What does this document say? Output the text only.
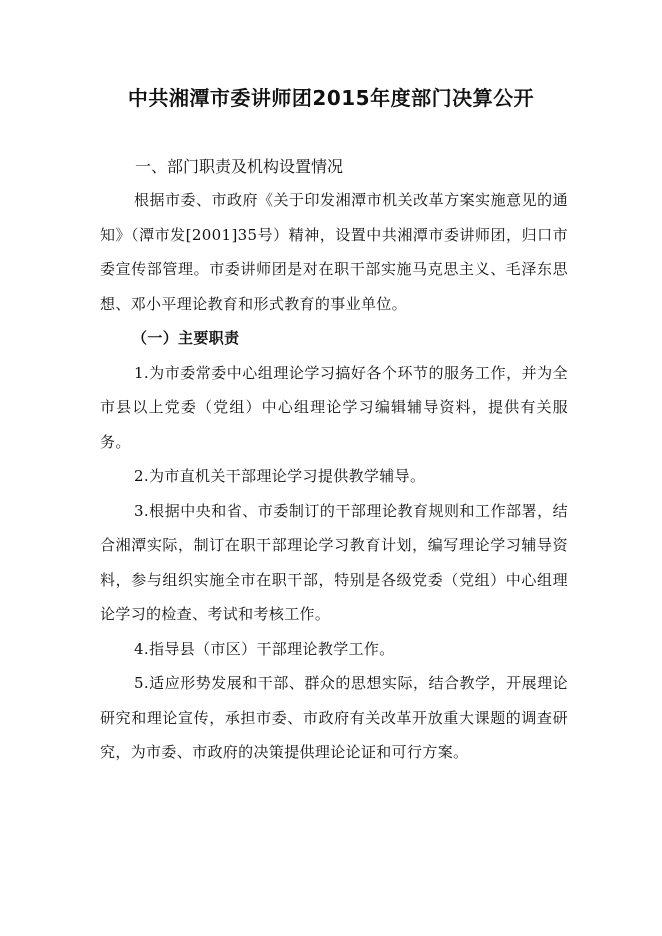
中共湘潭市委讲师团2015年度部门决算公开
一、部门职责及机构设置情况

根据市委、市政府《关于印发湘潭市机关改革方案实施意见的通知》（潭市发[2001]35号）精神，设置中共湘潭市委讲师团，归口市委宣传部管理。市委讲师团是对在职干部实施马克思主义、毛泽东思想、邓小平理论教育和形式教育的事业单位。

（一）主要职责

1.为市委常委中心组理论学习搞好各个环节的服务工作，并为全市县以上党委（党组）中心组理论学习编辑辅导资料，提供有关服务。

2.为市直机关干部理论学习提供教学辅导。

3.根据中央和省、市委制订的干部理论教育规则和工作部署，结合湘潭实际，制订在职干部理论学习教育计划，编写理论学习辅导资料，参与组织实施全市在职干部，特别是各级党委（党组）中心组理论学习的检查、考试和考核工作。

4.指导县（市区）干部理论教学工作。

5.适应形势发展和干部、群众的思想实际，结合教学，开展理论研究和理论宣传，承担市委、市政府有关改革开放重大课题的调查研究，为市委、市政府的决策提供理论论证和可行方案。
